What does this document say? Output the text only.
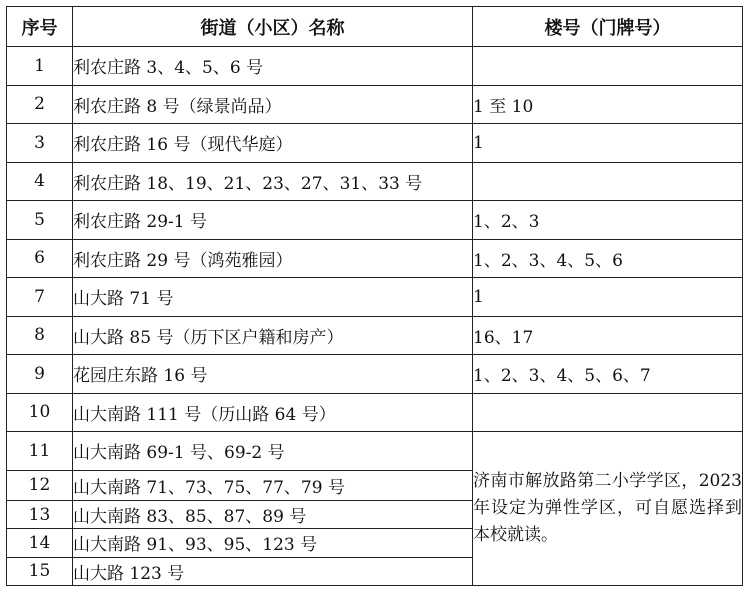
序号	街道（小区）名称	楼号（门牌号）
1	利农庄路 3、4、5、6 号	
2	利农庄路 8 号（绿景尚品）	1 至 10
3	利农庄路 16 号（现代华庭）	1
4	利农庄路 18、19、21、23、27、31、33 号	
5	利农庄路 29-1 号	1、2、3
6	利农庄路 29 号（鸿苑雅园）	1、2、3、4、5、6
7	山大路 71 号	1
8	山大路 85 号（历下区户籍和房产）	16、17
9	花园庄东路 16 号	1、2、3、4、5、6、7
10	山大南路 111 号（历山路 64 号）	
11	山大南路 69-1 号、69-2 号	济南市解放路第二小学学区，2023年设定为弹性学区，可自愿选择到本校就读。
12	山大南路 71、73、75、77、79 号	
13	山大南路 83、85、87、89 号	
14	山大南路 91、93、95、123 号	
15	山大路 123 号	
